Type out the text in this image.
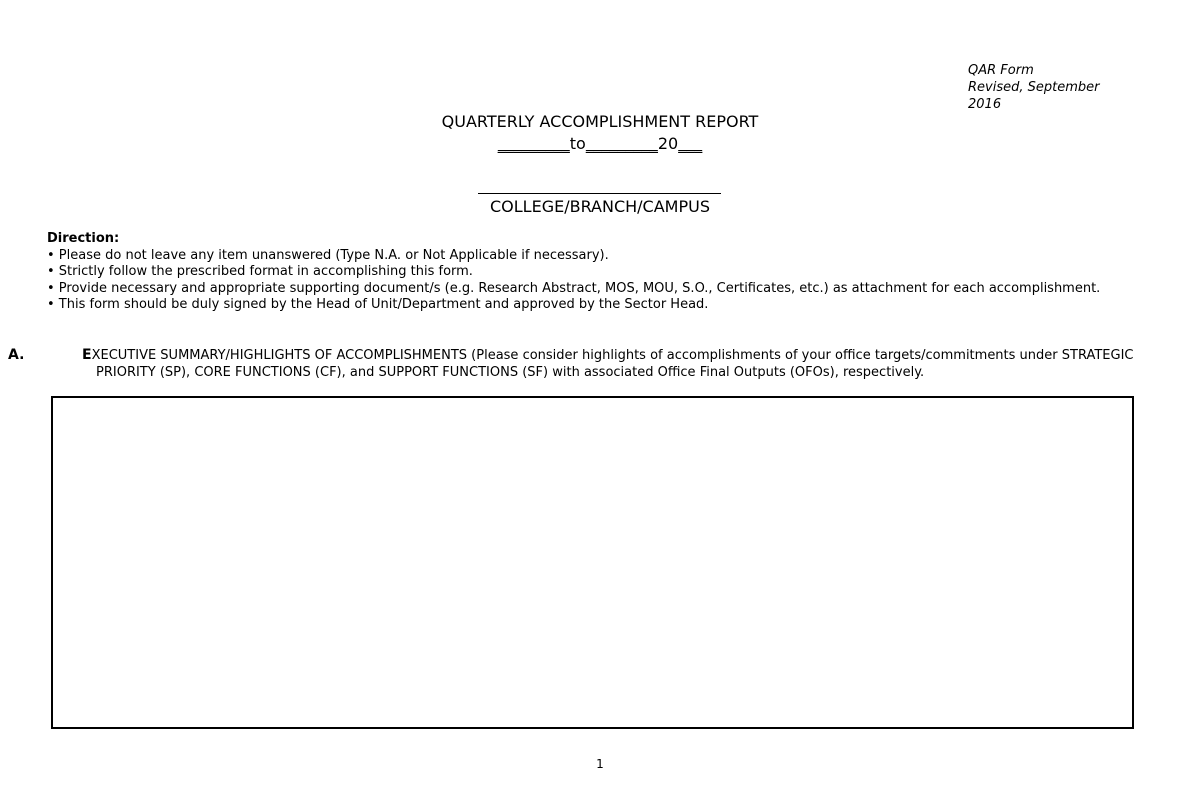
QAR Form
Revised, September
2016
QUARTERLY ACCOMPLISHMENT REPORT
_________to_________20___
COLLEGE/BRANCH/CAMPUS
Direction:
• Please do not leave any item unanswered (Type N.A. or Not Applicable if necessary).
• Strictly follow the prescribed format in accomplishing this form.
• Provide necessary and appropriate supporting document/s (e.g. Research Abstract, MOS, MOU, S.O., Certificates, etc.) as attachment for each accomplishment.
• This form should be duly signed by the Head of Unit/Department and approved by the Sector Head.
A.	EXECUTIVE SUMMARY/HIGHLIGHTS OF ACCOMPLISHMENTS (Please consider highlights of accomplishments of your office targets/commitments under STRATEGIC PRIORITY (SP), CORE FUNCTIONS (CF), and SUPPORT FUNCTIONS (SF) with associated Office Final Outputs (OFOs), respectively.
1
